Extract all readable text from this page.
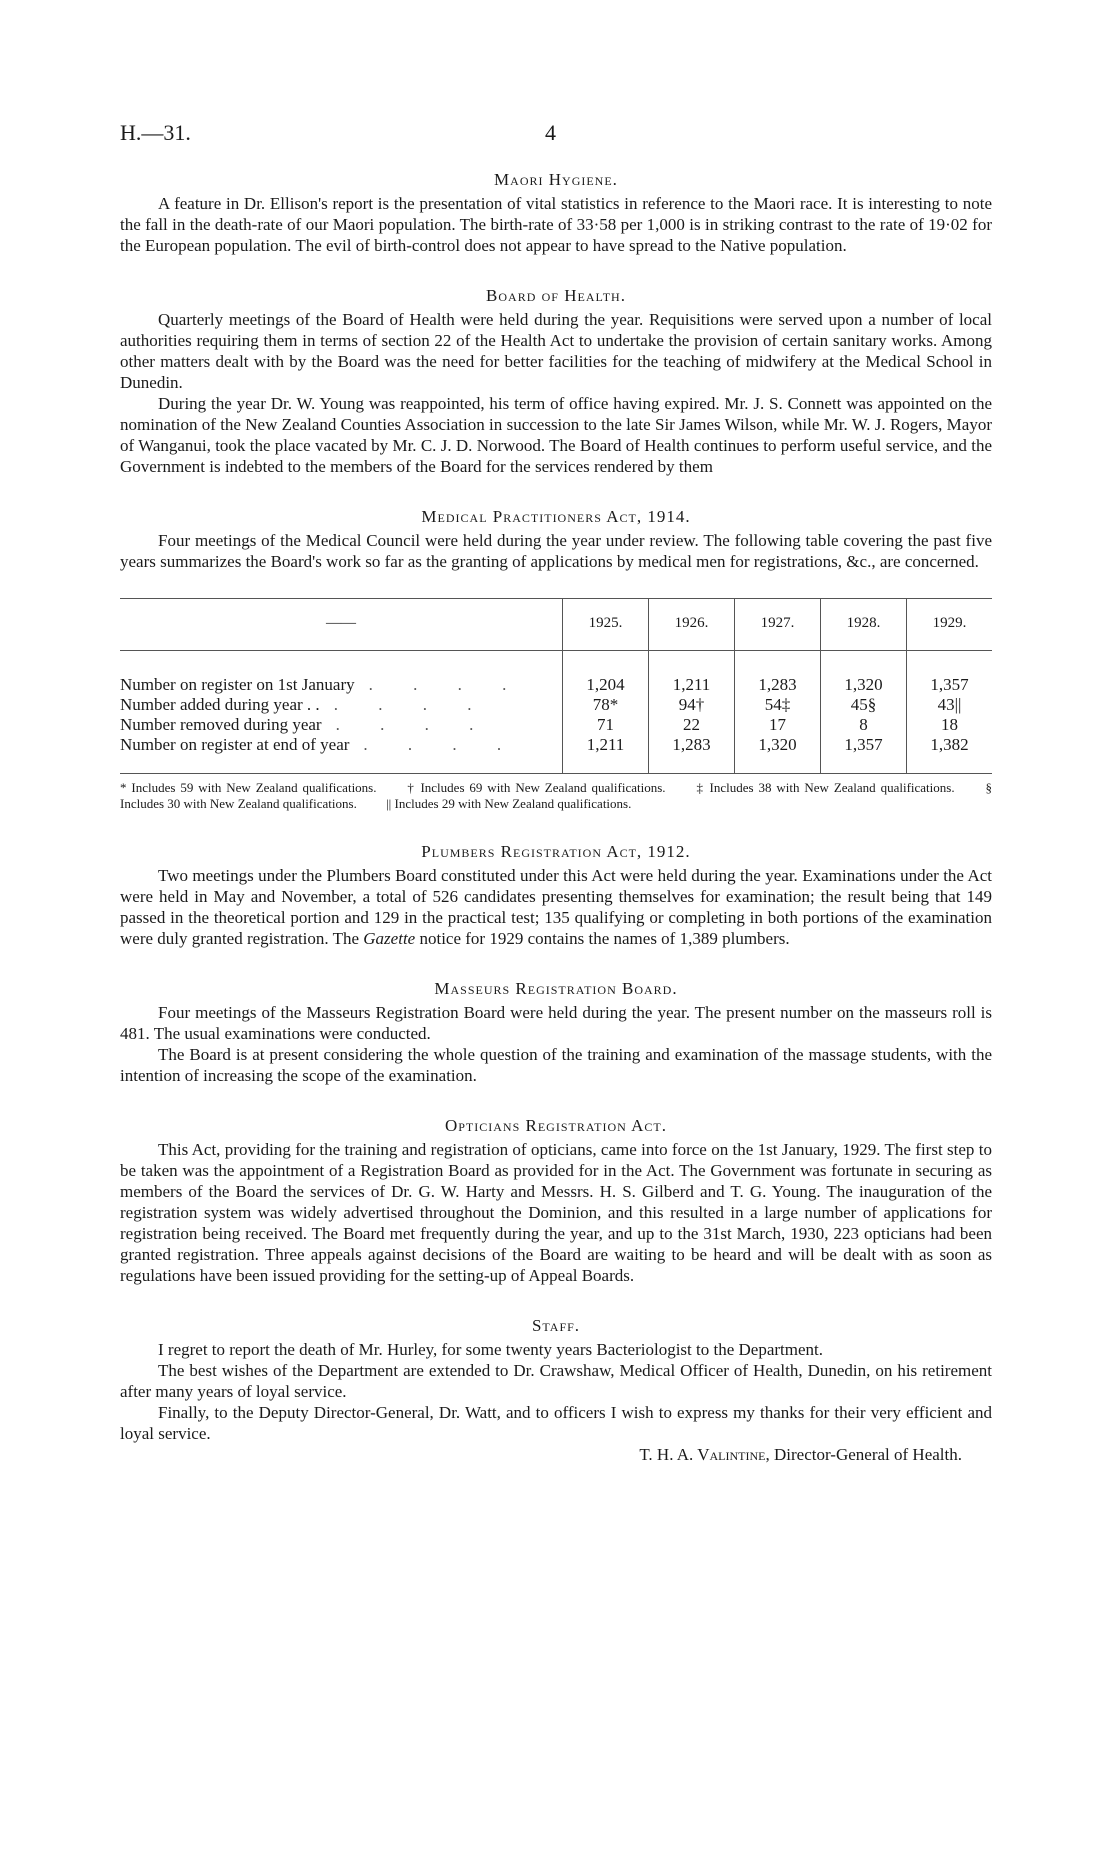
H.—31.	4
Maori Hygiene.

A feature in Dr. Ellison's report is the presentation of vital statistics in reference to the Maori race. It is interesting to note the fall in the death-rate of our Maori population. The birth-rate of 33·58 per 1,000 is in striking contrast to the rate of 19·02 for the European population. The evil of birth-control does not appear to have spread to the Native population.

Board of Health.

Quarterly meetings of the Board of Health were held during the year. Requisitions were served upon a number of local authorities requiring them in terms of section 22 of the Health Act to undertake the provision of certain sanitary works. Among other matters dealt with by the Board was the need for better facilities for the teaching of midwifery at the Medical School in Dunedin.

During the year Dr. W. Young was reappointed, his term of office having expired. Mr. J. S. Connett was appointed on the nomination of the New Zealand Counties Association in succession to the late Sir James Wilson, while Mr. W. J. Rogers, Mayor of Wanganui, took the place vacated by Mr. C. J. D. Norwood. The Board of Health continues to perform useful service, and the Government is indebted to the members of the Board for the services rendered by them

Medical Practitioners Act, 1914.

Four meetings of the Medical Council were held during the year under review. The following table covering the past five years summarizes the Board's work so far as the granting of applications by medical men for registrations, &c., are concerned.

——	1925.	1926.	1927.	1928.	1929.
Number on register on 1st January . . . .	1,204	1,211	1,283	1,320	1,357
Number added during year . . . . . .	78*	94†	54‡	45§	43||
Number removed during year . . . .	71	22	17	8	18
Number on register at end of year . . . .	1,211	1,283	1,320	1,357	1,382
* Includes 59 with New Zealand qualifications. † Includes 69 with New Zealand qualifications. ‡ Includes 38 with New Zealand qualifications. § Includes 30 with New Zealand qualifications. || Includes 29 with New Zealand qualifications.
Plumbers Registration Act, 1912.

Two meetings under the Plumbers Board constituted under this Act were held during the year. Examinations under the Act were held in May and November, a total of 526 candidates presenting themselves for examination; the result being that 149 passed in the theoretical portion and 129 in the practical test; 135 qualifying or completing in both portions of the examination were duly granted registration. The Gazette notice for 1929 contains the names of 1,389 plumbers.

Masseurs Registration Board.

Four meetings of the Masseurs Registration Board were held during the year. The present number on the masseurs roll is 481. The usual examinations were conducted.

The Board is at present considering the whole question of the training and examination of the massage students, with the intention of increasing the scope of the examination.

Opticians Registration Act.

This Act, providing for the training and registration of opticians, came into force on the 1st January, 1929. The first step to be taken was the appointment of a Registration Board as provided for in the Act. The Government was fortunate in securing as members of the Board the services of Dr. G. W. Harty and Messrs. H. S. Gilberd and T. G. Young. The inauguration of the registration system was widely advertised throughout the Dominion, and this resulted in a large number of applications for registration being received. The Board met frequently during the year, and up to the 31st March, 1930, 223 opticians had been granted registration. Three appeals against decisions of the Board are waiting to be heard and will be dealt with as soon as regulations have been issued providing for the setting-up of Appeal Boards.

Staff.

I regret to report the death of Mr. Hurley, for some twenty years Bacteriologist to the Department.

The best wishes of the Department are extended to Dr. Crawshaw, Medical Officer of Health, Dunedin, on his retirement after many years of loyal service.

Finally, to the Deputy Director-General, Dr. Watt, and to officers I wish to express my thanks for their very efficient and loyal service.

T. H. A. Valintine, Director-General of Health.
